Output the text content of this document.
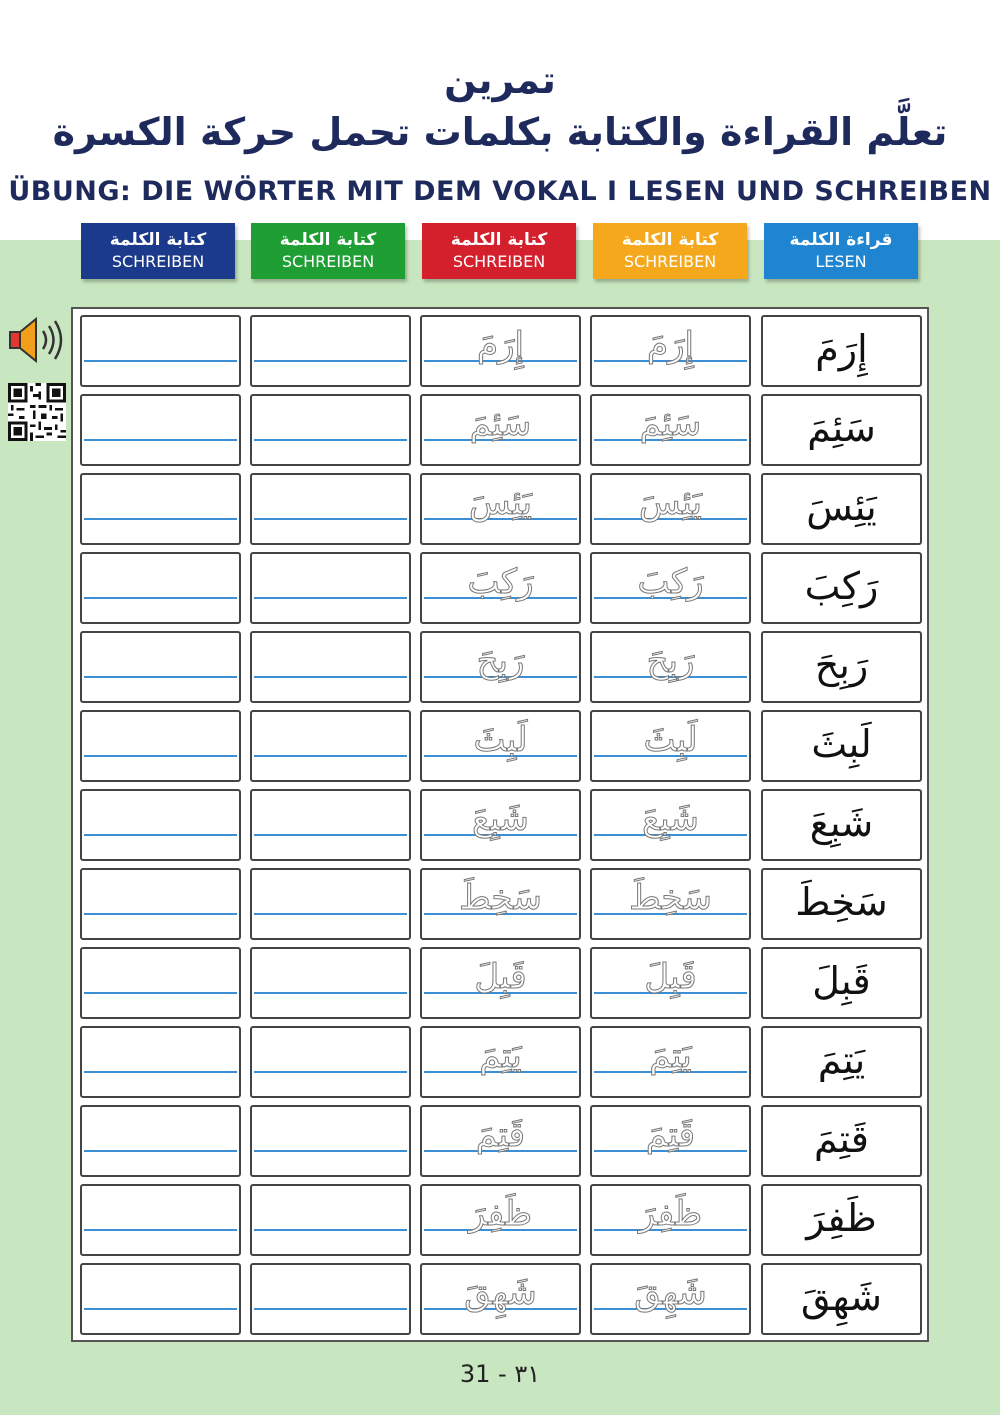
تمرين
تعلَّم القراءة والكتابة بكلمات تحمل حركة الكسرة
ÜBUNG: DIE WÖRTER MIT DEM VOKAL I LESEN UND SCHREIBEN
كتابة الكلمة
SCHREIBEN
كتابة الكلمة
SCHREIBEN
كتابة الكلمة
SCHREIBEN
كتابة الكلمة
SCHREIBEN
قراءة الكلمة
LESEN
إِرَمَ	إِرَمَ	إِرَمَ
سَئِمَ	سَئِمَ	سَئِمَ
يَئِسَ	يَئِسَ	يَئِسَ
رَكِبَ	رَكِبَ	رَكِبَ
رَبِحَ	رَبِحَ	رَبِحَ
لَبِثَ	لَبِثَ	لَبِثَ
شَبِعَ	شَبِعَ	شَبِعَ
سَخِطَ	سَخِطَ	سَخِطَ
قَبِلَ	قَبِلَ	قَبِلَ
يَتِمَ	يَتِمَ	يَتِمَ
قَتِمَ	قَتِمَ	قَتِمَ
ظَفِرَ	ظَفِرَ	ظَفِرَ
شَهِقَ	شَهِقَ	شَهِقَ
31 - ٣١
